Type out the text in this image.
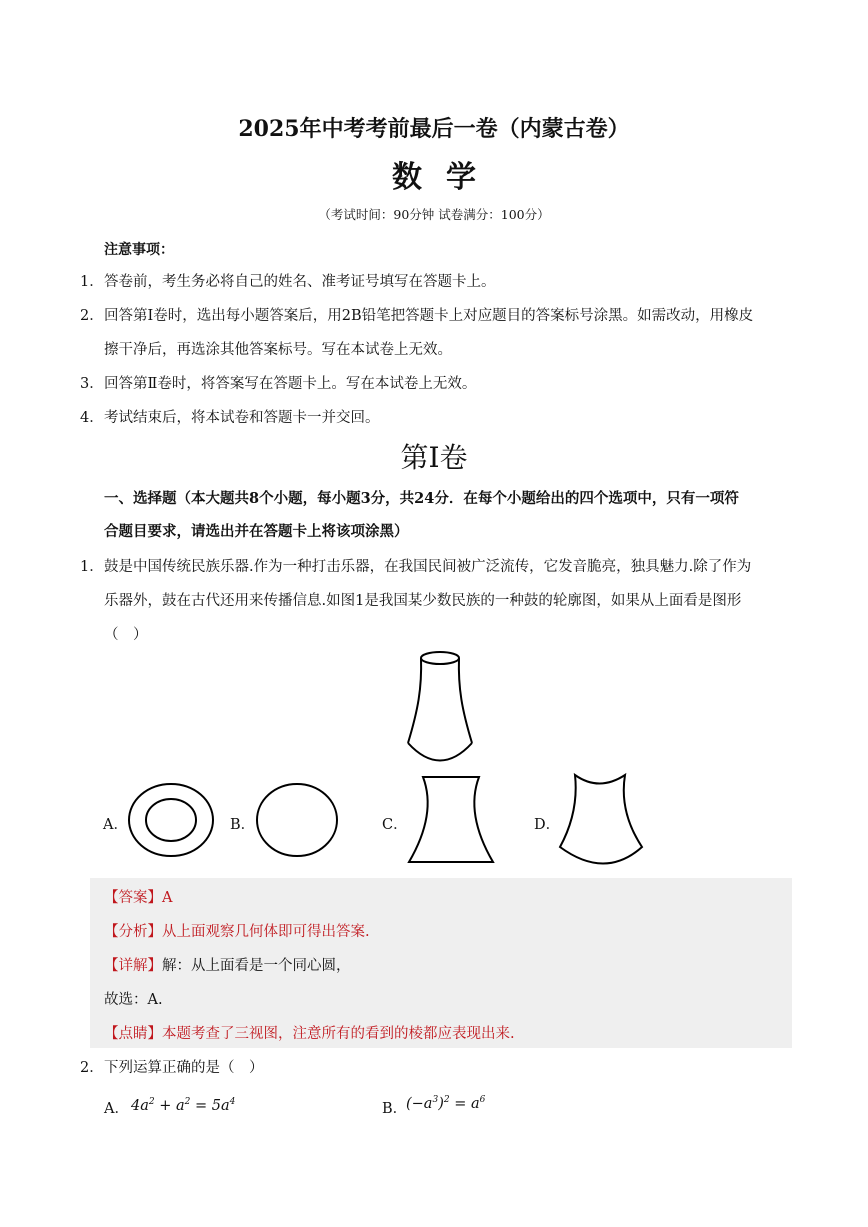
2025年中考考前最后一卷（内蒙古卷）
数学
（考试时间：90分钟 试卷满分：100分）
注意事项：
1． 答卷前，考生务必将自己的姓名、准考证号填写在答题卡上。
2． 回答第Ⅰ卷时，选出每小题答案后，用2B铅笔把答题卡上对应题目的答案标号涂黑。如需改动，用橡皮
擦干净后，再选涂其他答案标号。写在本试卷上无效。
3． 回答第Ⅱ卷时，将答案写在答题卡上。写在本试卷上无效。
4． 考试结束后，将本试卷和答题卡一并交回。
第Ⅰ卷
一、选择题（本大题共8个小题，每小题3分，共24分．在每个小题给出的四个选项中，只有一项符
合题目要求，请选出并在答题卡上将该项涂黑）
1． 鼓是中国传统民族乐器.作为一种打击乐器，在我国民间被广泛流传，它发音脆亮，独具魅力.除了作为
乐器外，鼓在古代还用来传播信息.如图1是我国某少数民族的一种鼓的轮廓图，如果从上面看是图形
（　）
A．	B．	C．	D．
【答案】A
【分析】从上面观察几何体即可得出答案.
【详解】解：从上面看是一个同心圆，
故选：A.
【点睛】本题考查了三视图，注意所有的看到的棱都应表现出来.
2． 下列运算正确的是（　）
A． $4a^2 + a^2 = 5a^4$	B．
$(-a^3)^2 = a^6$
